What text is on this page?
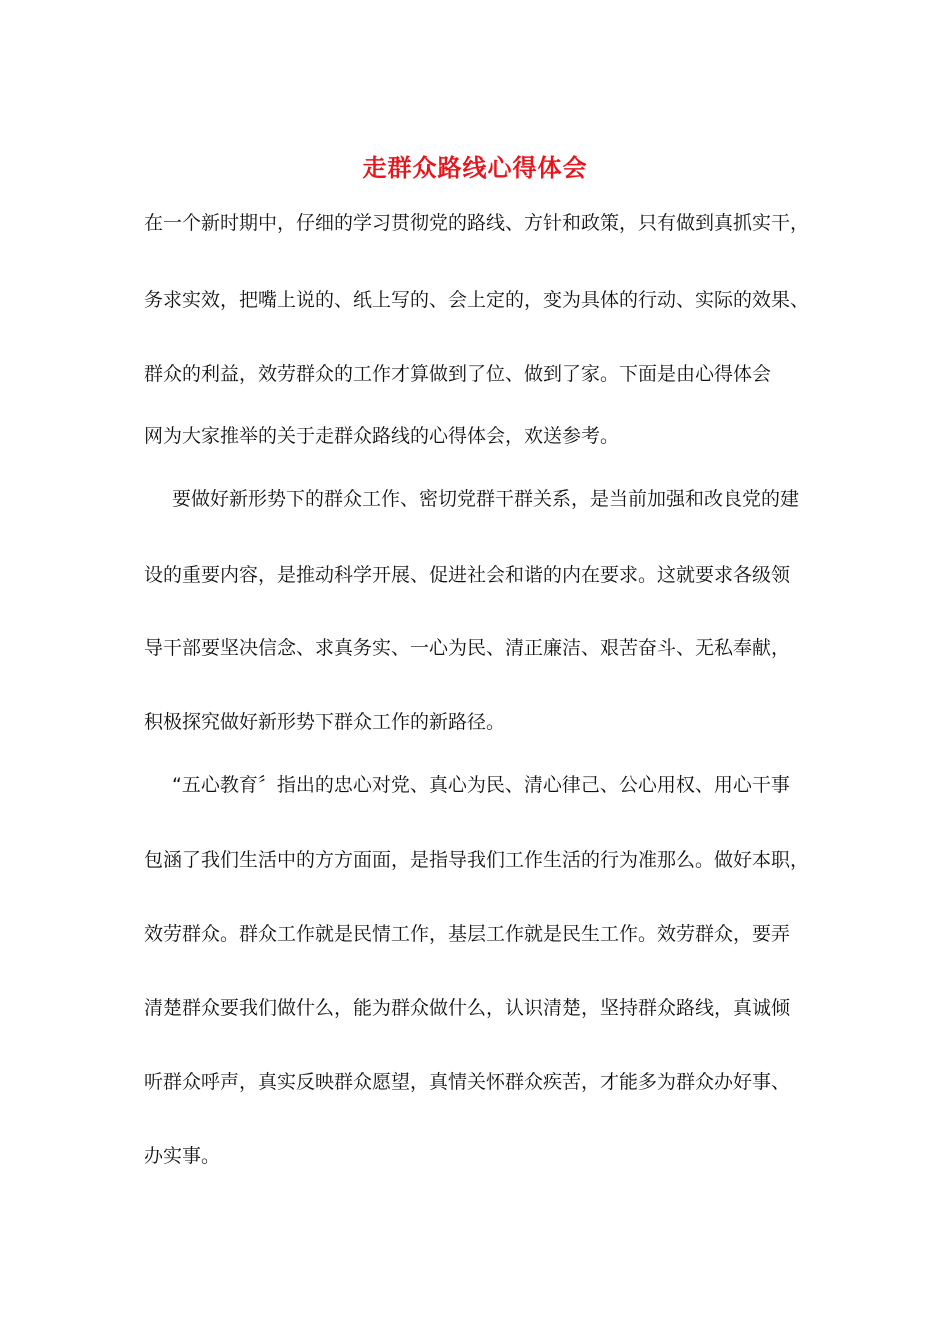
走群众路线心得体会
在一个新时期中，仔细的学习贯彻党的路线、方针和政策，只有做到真抓实干，
务求实效，把嘴上说的、纸上写的、会上定的，变为具体的行动、实际的效果、
群众的利益，效劳群众的工作才算做到了位、做到了家。下面是由心得体会
网为大家推举的关于走群众路线的心得体会，欢送参考。
要做好新形势下的群众工作、密切党群干群关系，是当前加强和改良党的建
设的重要内容，是推动科学开展、促进社会和谐的内在要求。这就要求各级领
导干部要坚决信念、求真务实、一心为民、清正廉洁、艰苦奋斗、无私奉献，
积极探究做好新形势下群众工作的新路径。
“五心教育〞指出的忠心对党、真心为民、清心律己、公心用权、用心干事
包涵了我们生活中的方方面面，是指导我们工作生活的行为准那么。做好本职，
效劳群众。群众工作就是民情工作，基层工作就是民生工作。效劳群众，要弄
清楚群众要我们做什么，能为群众做什么，认识清楚，坚持群众路线，真诚倾
听群众呼声，真实反映群众愿望，真情关怀群众疾苦，才能多为群众办好事、
办实事。
